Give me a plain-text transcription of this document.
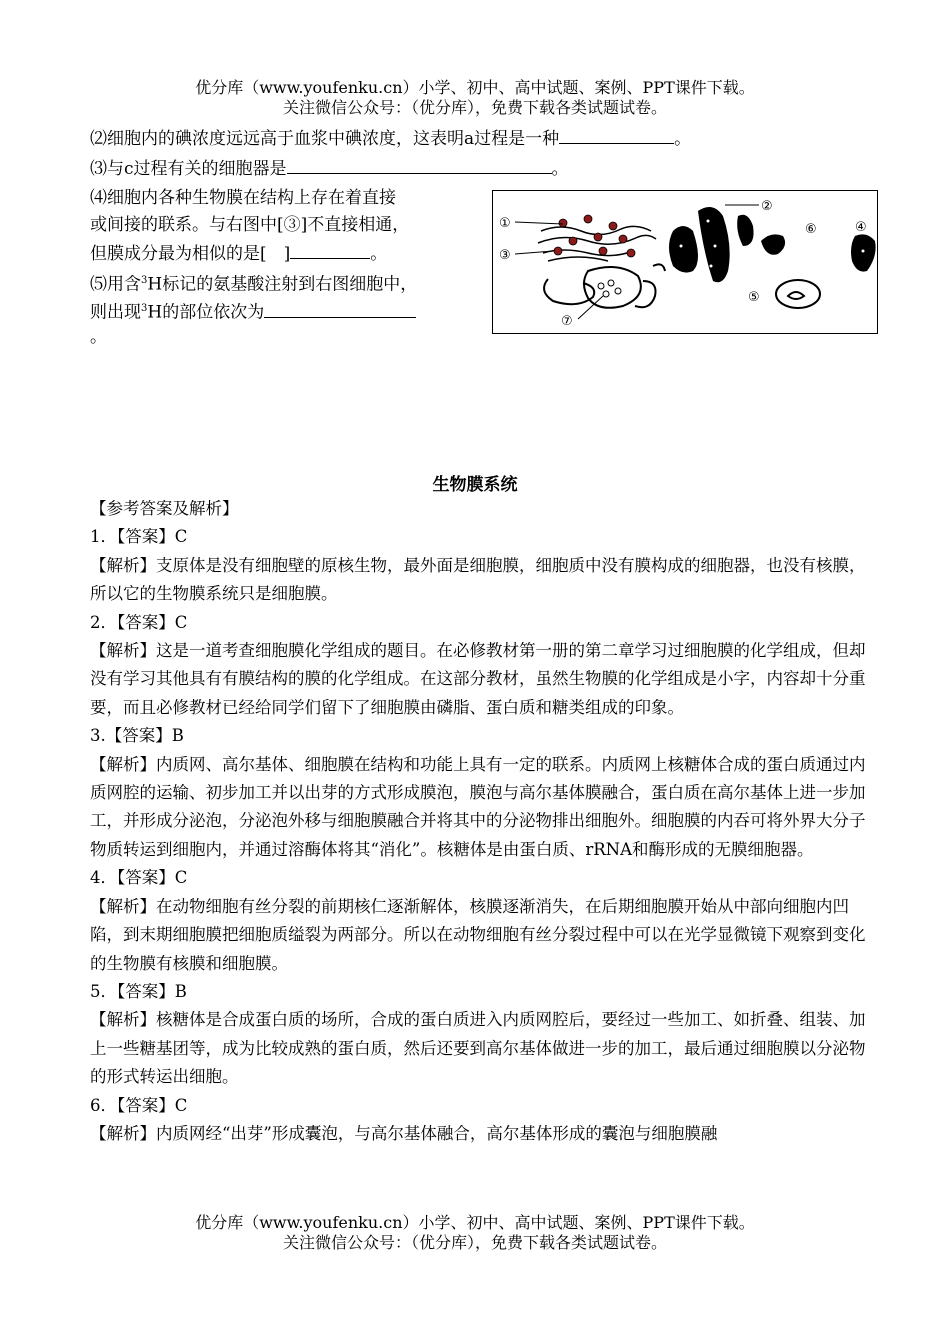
优分库（www.youfenku.cn）小学、初中、高中试题、案例、PPT课件下载。
关注微信公众号：（优分库），免费下载各类试题试卷。
⑵细胞内的碘浓度远远高于血浆中碘浓度，这表明a过程是一种	。
⑶与c过程有关的细胞器是	。
⑷细胞内各种生物膜在结构上存在着直接
或间接的联系。与右图中[③]不直接相通，
但膜成分最为相似的是[　]	。
⑸用含$^3$H标记的氨基酸注射到右图细胞中，
则出现$^3$H的部位依次为
。
①
②
③
④
⑤
⑥
⑦
生物膜系统

【参考答案及解析】

1．【答案】C

【解析】支原体是没有细胞壁的原核生物，最外面是细胞膜，细胞质中没有膜构成的细胞器，也没有核膜，所以它的生物膜系统只是细胞膜。

2．【答案】C

【解析】这是一道考查细胞膜化学组成的题目。在必修教材第一册的第二章学习过细胞膜的化学组成，但却没有学习其他具有有膜结构的膜的化学组成。在这部分教材，虽然生物膜的化学组成是小字，内容却十分重要，而且必修教材已经给同学们留下了细胞膜由磷脂、蛋白质和糖类组成的印象。

3.【答案】B

【解析】内质网、高尔基体、细胞膜在结构和功能上具有一定的联系。内质网上核糖体合成的蛋白质通过内质网腔的运输、初步加工并以出芽的方式形成膜泡，膜泡与高尔基体膜融合，蛋白质在高尔基体上进一步加工，并形成分泌泡，分泌泡外移与细胞膜融合并将其中的分泌物排出细胞外。细胞膜的内吞可将外界大分子物质转运到细胞内，并通过溶酶体将其“消化”。核糖体是由蛋白质、rRNA和酶形成的无膜细胞器。

4．【答案】C

【解析】在动物细胞有丝分裂的前期核仁逐渐解体，核膜逐渐消失，在后期细胞膜开始从中部向细胞内凹陷，到末期细胞膜把细胞质缢裂为两部分。所以在动物细胞有丝分裂过程中可以在光学显微镜下观察到变化的生物膜有核膜和细胞膜。

5．【答案】B

【解析】核糖体是合成蛋白质的场所，合成的蛋白质进入内质网腔后，要经过一些加工、如折叠、组装、加上一些糖基团等，成为比较成熟的蛋白质，然后还要到高尔基体做进一步的加工，最后通过细胞膜以分泌物的形式转运出细胞。

6．【答案】C

【解析】内质网经“出芽”形成囊泡，与高尔基体融合，高尔基体形成的囊泡与细胞膜融

优分库（www.youfenku.cn）小学、初中、高中试题、案例、PPT课件下载。
关注微信公众号：（优分库），免费下载各类试题试卷。
